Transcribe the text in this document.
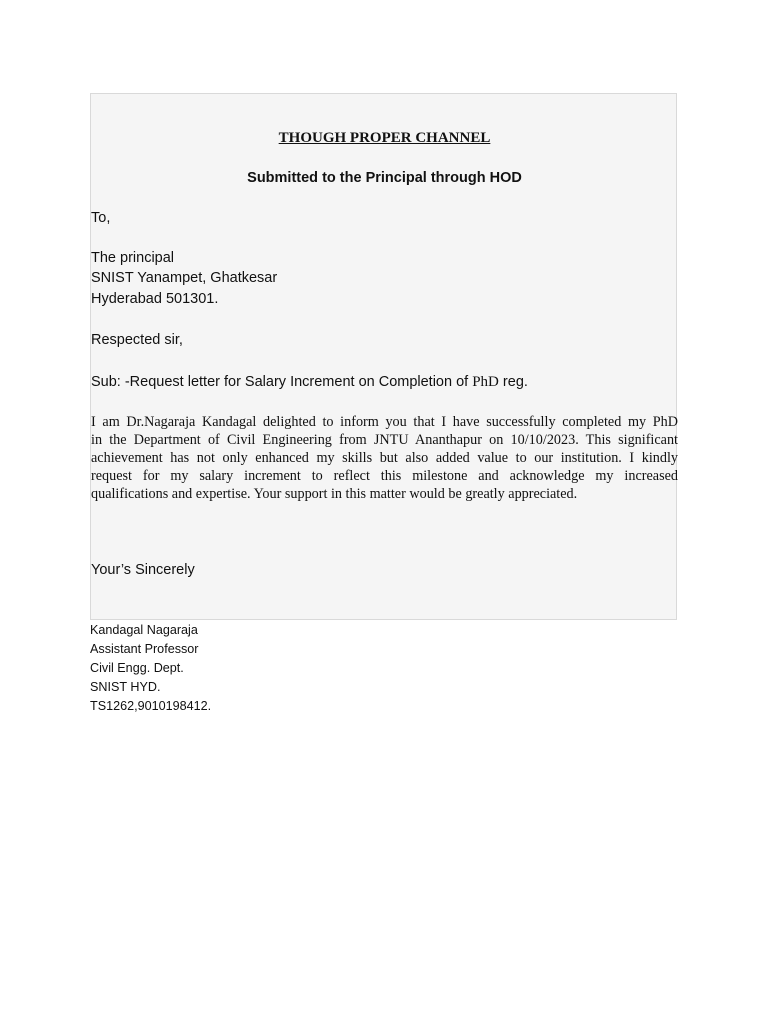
THOUGH PROPER CHANNEL
Submitted to the Principal through HOD
To,
The principal
SNIST Yanampet, Ghatkesar
Hyderabad 501301.
Respected sir,
Sub: -Request letter for Salary Increment on Completion of PhD reg.
I am Dr.Nagaraja Kandagal delighted to inform you that I have successfully completed my PhD
in the Department of Civil Engineering from JNTU Ananthapur on 10/10/2023. This significant
achievement has not only enhanced my skills but also added value to our institution. I kindly
request for my salary increment to reflect this milestone and acknowledge my increased
qualifications and expertise. Your support in this matter would be greatly appreciated.
Your’s Sincerely
Kandagal Nagaraja
Assistant Professor
Civil Engg. Dept.
SNIST HYD.
TS1262,9010198412.
